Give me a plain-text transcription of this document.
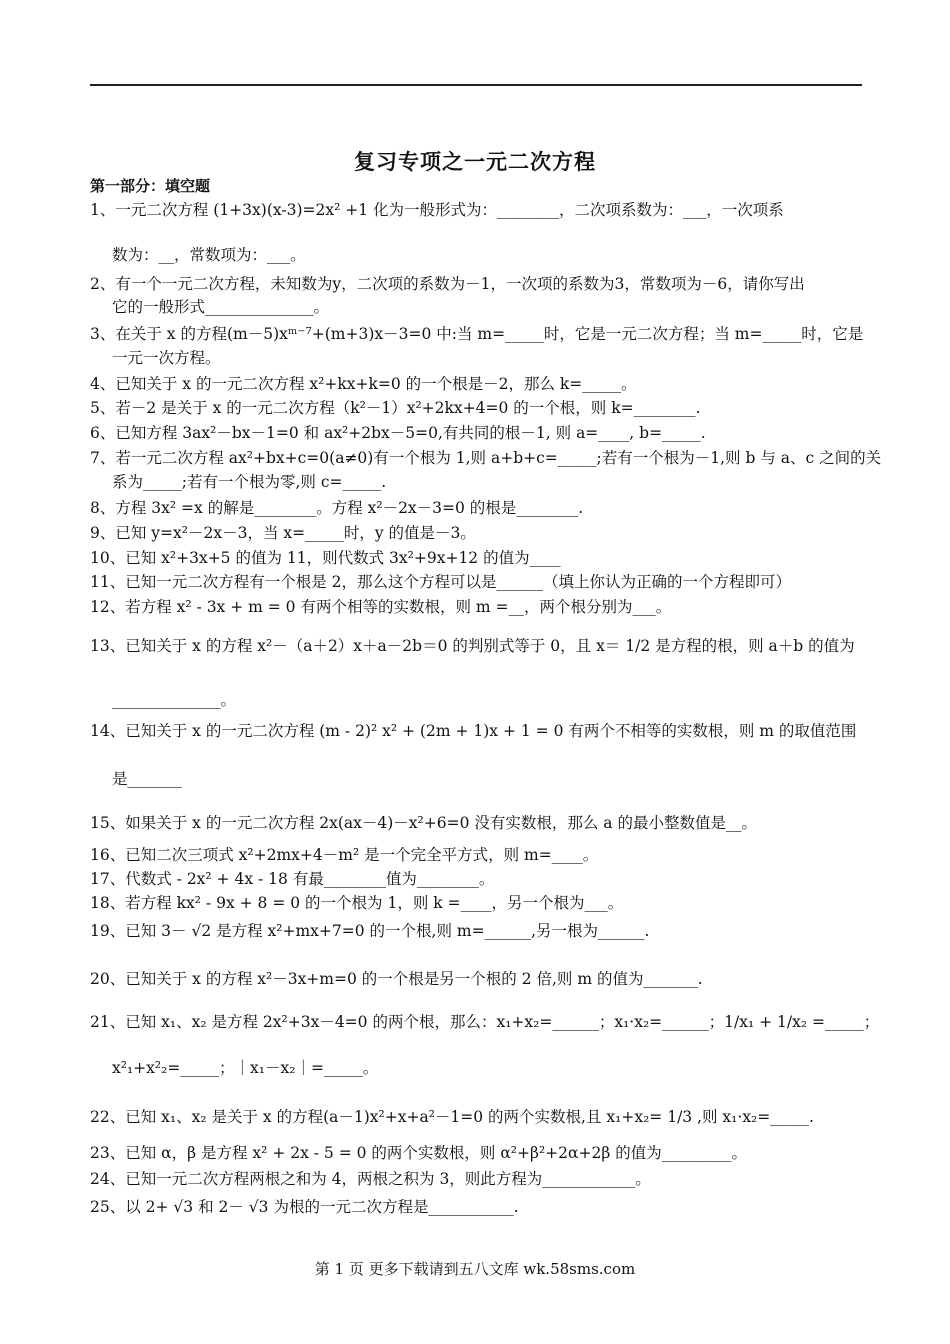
复习专项之一元二次方程
第一部分：填空题
1、一元二次方程 (1+3x)(x-3)=2x² +1 化为一般形式为：________，二次项系数为：___，一次项系
数为：__，常数项为：___。
2、有一个一元二次方程，未知数为y，二次项的系数为－1，一次项的系数为3，常数项为－6，请你写出
它的一般形式______________。
3、在关于 x 的方程(m－5)xᵐ⁻⁷+(m+3)x－3=0 中:当 m=_____时，它是一元二次方程；当 m=_____时，它是
一元一次方程。
4、已知关于 x 的一元二次方程 x²+kx+k=0 的一个根是－2，那么 k=_____。
5、若－2 是关于 x 的一元二次方程（k²－1）x²+2kx+4=0 的一个根，则 k=________.
6、已知方程 3ax²－bx－1=0 和 ax²+2bx－5=0,有共同的根－1, 则 a=____, b=_____.
7、若一元二次方程 ax²+bx+c=0(a≠0)有一个根为 1,则 a+b+c=_____;若有一个根为－1,则 b 与 a、c 之间的关
系为_____;若有一个根为零,则 c=_____.
8、方程 3x² =x 的解是________。方程 x²－2x－3=0 的根是________.
9、已知 y=x²－2x－3，当 x=_____时，y 的值是－3。
10、已知 x²+3x+5 的值为 11，则代数式 3x²+9x+12 的值为____
11、已知一元二次方程有一个根是 2，那么这个方程可以是______（填上你认为正确的一个方程即可）
12、若方程 x² - 3x + m = 0 有两个相等的实数根，则 m =__，两个根分别为___。
13、已知关于 x 的方程 x²－（a＋2）x＋a－2b＝0 的判别式等于 0，且 x＝ 1/2 是方程的根，则 a＋b 的值为
______________。
14、已知关于 x 的一元二次方程 (m - 2)² x² + (2m + 1)x + 1 = 0 有两个不相等的实数根，则 m 的取值范围
是_______
15、如果关于 x 的一元二次方程 2x(ax－4)－x²+6=0 没有实数根，那么 a 的最小整数值是__。
16、已知二次三项式 x²+2mx+4－m² 是一个完全平方式，则 m=____。
17、代数式 - 2x² + 4x - 18 有最________值为________。
18、若方程 kx² - 9x + 8 = 0 的一个根为 1，则 k =____，另一个根为___。
19、已知 3－ √2 是方程 x²+mx+7=0 的一个根,则 m=______,另一根为______.
20、已知关于 x 的方程 x²－3x+m=0 的一个根是另一个根的 2 倍,则 m 的值为_______.
21、已知 x₁、x₂ 是方程 2x²+3x－4=0 的两个根，那么：x₁+x₂=______；x₁·x₂=______；1/x₁ + 1/x₂ =_____；
x²₁+x²₂=_____；｜x₁－x₂｜=_____。
22、已知 x₁、x₂ 是关于 x 的方程(a－1)x²+x+a²－1=0 的两个实数根,且 x₁+x₂= 1/3 ,则 x₁·x₂=_____.
23、已知 α，β 是方程 x² + 2x - 5 = 0 的两个实数根，则 α²+β²+2α+2β 的值为_________。
24、已知一元二次方程两根之和为 4，两根之积为 3，则此方程为____________。
25、以 2+ √3 和 2－ √3 为根的一元二次方程是___________.
第 1 页 更多下载请到五八文库 wk.58sms.com
